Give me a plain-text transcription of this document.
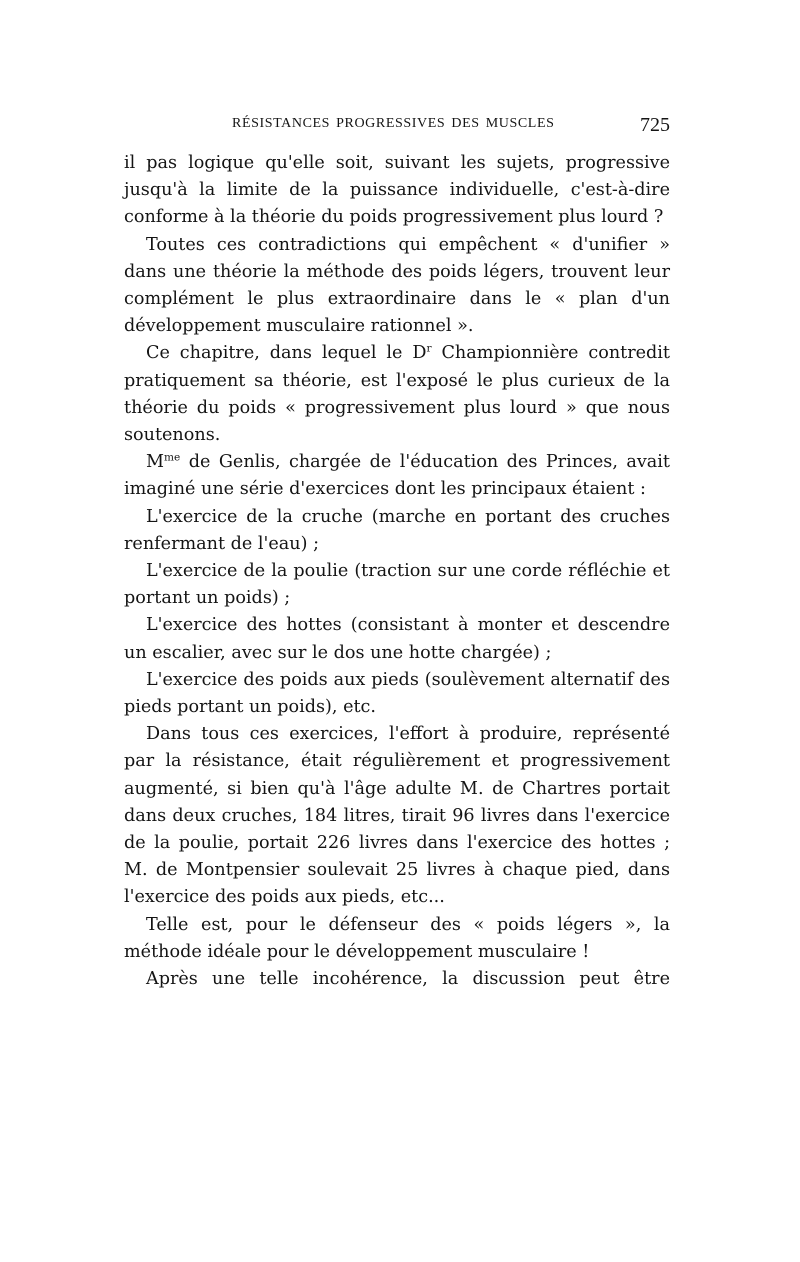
RÉSISTANCES PROGRESSIVES DES MUSCLES	725

il pas logique qu'elle soit, suivant les sujets, progressive jusqu'à la limite de la puissance individuelle, c'est-à-dire conforme à la théorie du poids progressivement plus lourd ?

Toutes ces contradictions qui empêchent « d'unifier » dans une théorie la méthode des poids légers, trouvent leur complément le plus extraordinaire dans le « plan d'un développement musculaire rationnel ».

Ce chapitre, dans lequel le $D^r$ Championnière contredit pratiquement sa théorie, est l'exposé le plus curieux de la théorie du poids « progressivement plus lourd » que nous soutenons.

$M^{me}$ de Genlis, chargée de l'éducation des Princes, avait imaginé une série d'exercices dont les principaux étaient :

L'exercice de la cruche (marche en portant des cruches renfermant de l'eau) ;

L'exercice de la poulie (traction sur une corde réfléchie et portant un poids) ;

L'exercice des hottes (consistant à monter et descendre un escalier, avec sur le dos une hotte chargée) ;

L'exercice des poids aux pieds (soulèvement alternatif des pieds portant un poids), etc.

Dans tous ces exercices, l'effort à produire, représenté par la résistance, était régulièrement et progressivement augmenté, si bien qu'à l'âge adulte M. de Chartres portait dans deux cruches, 184 litres, tirait 96 livres dans l'exercice de la poulie, portait 226 livres dans l'exercice des hottes ; M. de Montpensier soulevait 25 livres à chaque pied, dans l'exercice des poids aux pieds, etc...

Telle est, pour le défenseur des « poids légers », la méthode idéale pour le développement musculaire !

Après une telle incohérence, la discussion peut être
